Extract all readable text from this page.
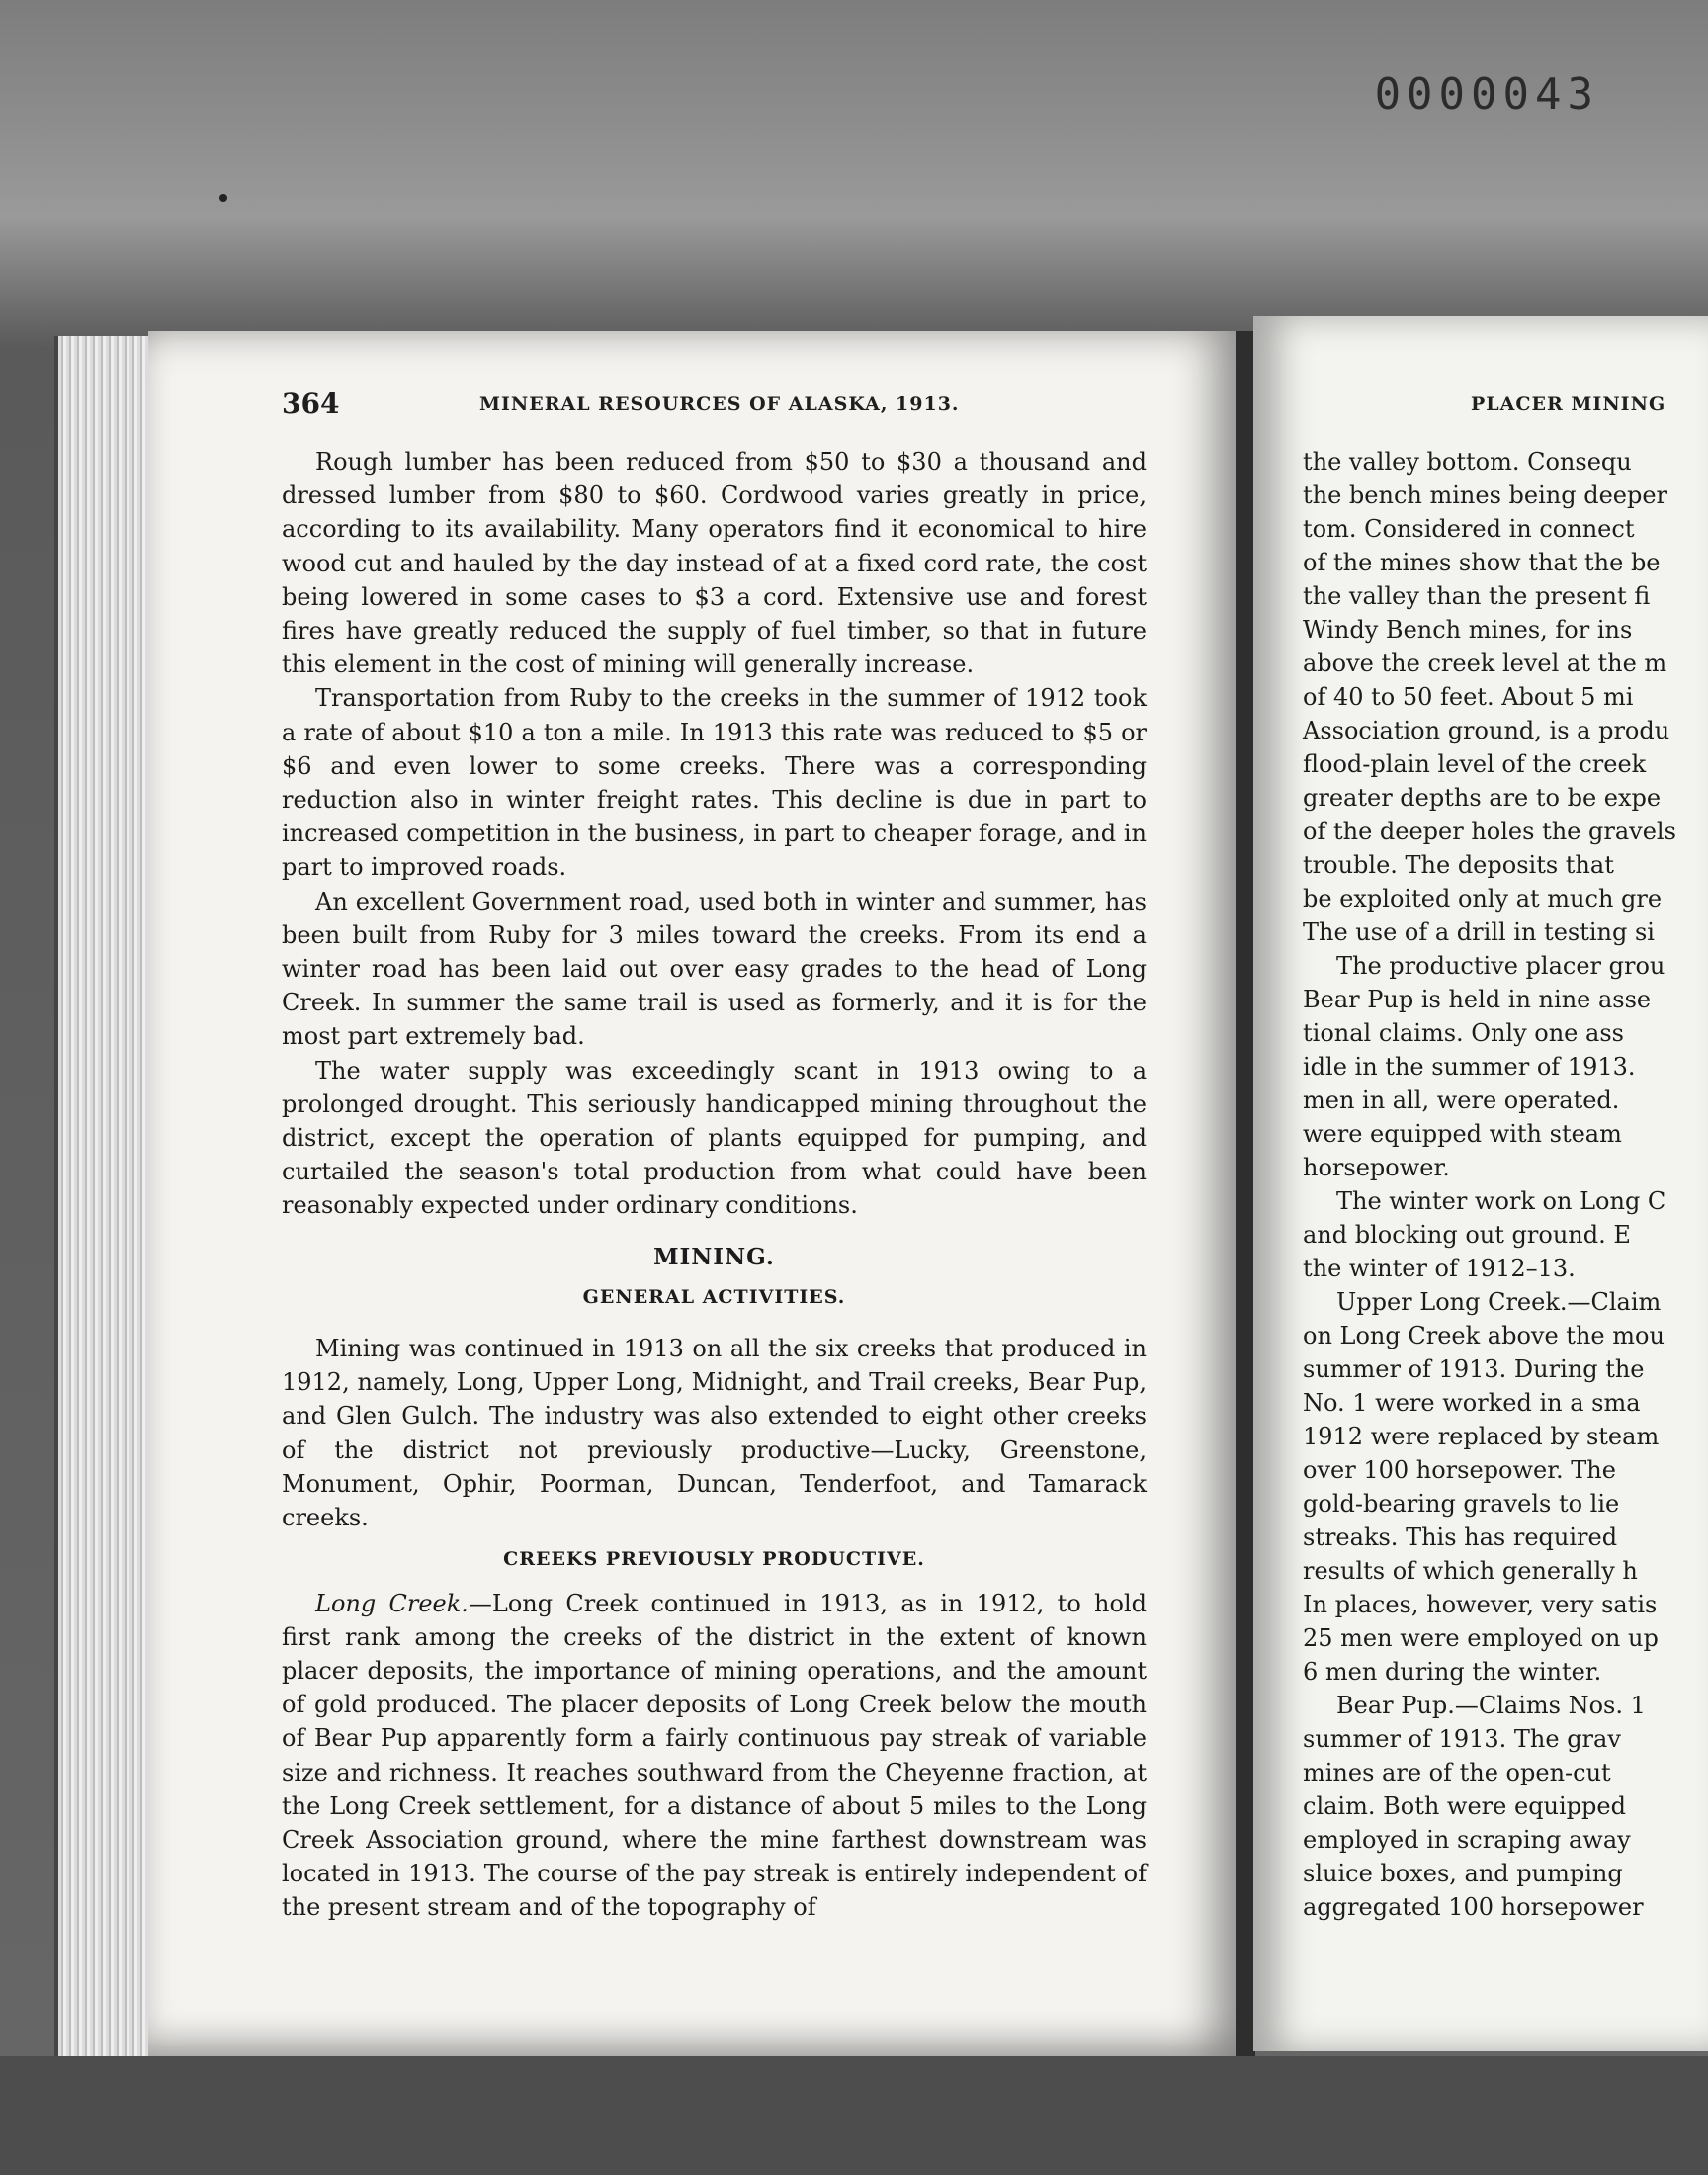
0000043
364	MINERAL RESOURCES OF ALASKA, 1913.

Rough lumber has been reduced from $50 to $30 a thousand and dressed lumber from $80 to $60. Cordwood varies greatly in price, according to its availability. Many operators find it economical to hire wood cut and hauled by the day instead of at a fixed cord rate, the cost being lowered in some cases to $3 a cord. Extensive use and forest fires have greatly reduced the supply of fuel timber, so that in future this element in the cost of mining will generally increase.

Transportation from Ruby to the creeks in the summer of 1912 took a rate of about $10 a ton a mile. In 1913 this rate was reduced to $5 or $6 and even lower to some creeks. There was a corresponding reduction also in winter freight rates. This decline is due in part to increased competition in the business, in part to cheaper forage, and in part to improved roads.

An excellent Government road, used both in winter and summer, has been built from Ruby for 3 miles toward the creeks. From its end a winter road has been laid out over easy grades to the head of Long Creek. In summer the same trail is used as formerly, and it is for the most part extremely bad.

The water supply was exceedingly scant in 1913 owing to a prolonged drought. This seriously handicapped mining throughout the district, except the operation of plants equipped for pumping, and curtailed the season's total production from what could have been reasonably expected under ordinary conditions.

MINING.
GENERAL ACTIVITIES.

Mining was continued in 1913 on all the six creeks that produced in 1912, namely, Long, Upper Long, Midnight, and Trail creeks, Bear Pup, and Glen Gulch. The industry was also extended to eight other creeks of the district not previously productive—Lucky, Greenstone, Monument, Ophir, Poorman, Duncan, Tenderfoot, and Tamarack creeks.

CREEKS PREVIOUSLY PRODUCTIVE.

Long Creek.—Long Creek continued in 1913, as in 1912, to hold first rank among the creeks of the district in the extent of known placer deposits, the importance of mining operations, and the amount of gold produced. The placer deposits of Long Creek below the mouth of Bear Pup apparently form a fairly continuous pay streak of variable size and richness. It reaches southward from the Cheyenne fraction, at the Long Creek settlement, for a distance of about 5 miles to the Long Creek Association ground, where the mine farthest downstream was located in 1913. The course of the pay streak is entirely independent of the present stream and of the topography of

PLACER MINING
the valley bottom. Consequ
the bench mines being deeper
tom. Considered in connect
of the mines show that the be
the valley than the present fi
Windy Bench mines, for ins
above the creek level at the m
of 40 to 50 feet. About 5 mi
Association ground, is a produ
flood-plain level of the creek
greater depths are to be expe
of the deeper holes the gravels
trouble. The deposits that
be exploited only at much gre
The use of a drill in testing si
The productive placer grou
Bear Pup is held in nine asse
tional claims. Only one ass
idle in the summer of 1913.
men in all, were operated.
were equipped with steam
horsepower.
The winter work on Long C
and blocking out ground. E
the winter of 1912–13.
Upper Long Creek.—Claim
on Long Creek above the mou
summer of 1913. During the
No. 1 were worked in a sma
1912 were replaced by steam
over 100 horsepower. The
gold-bearing gravels to lie
streaks. This has required
results of which generally h
In places, however, very satis
25 men were employed on up
6 men during the winter.
Bear Pup.—Claims Nos. 1
summer of 1913. The grav
mines are of the open-cut
claim. Both were equipped
employed in scraping away
sluice boxes, and pumping
aggregated 100 horsepower
